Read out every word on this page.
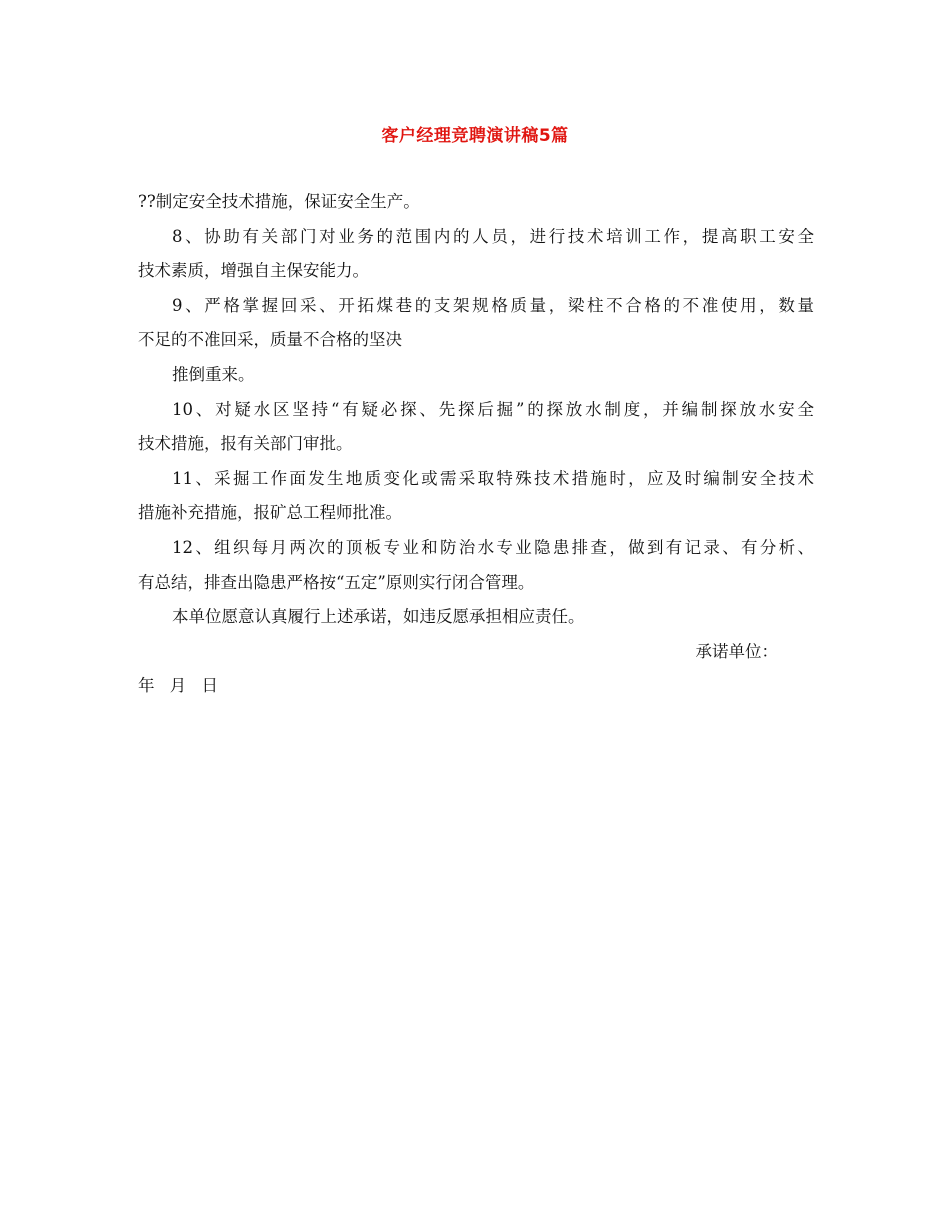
客户经理竞聘演讲稿5篇
??制定安全技术措施，保证安全生产。
8、协助有关部门对业务的范围内的人员，进行技术培训工作，提高职工安全
技术素质，增强自主保安能力。
9、严格掌握回采、开拓煤巷的支架规格质量，梁柱不合格的不准使用，数量
不足的不准回采，质量不合格的坚决
推倒重来。
10、对疑水区坚持“有疑必探、先探后掘”的探放水制度，并编制探放水安全
技术措施，报有关部门审批。
11、采掘工作面发生地质变化或需采取特殊技术措施时，应及时编制安全技术
措施补充措施，报矿总工程师批准。
12、组织每月两次的顶板专业和防治水专业隐患排查，做到有记录、有分析、
有总结，排查出隐患严格按“五定”原则实行闭合管理。
本单位愿意认真履行上述承诺，如违反愿承担相应责任。
承诺单位：
年 月 日
